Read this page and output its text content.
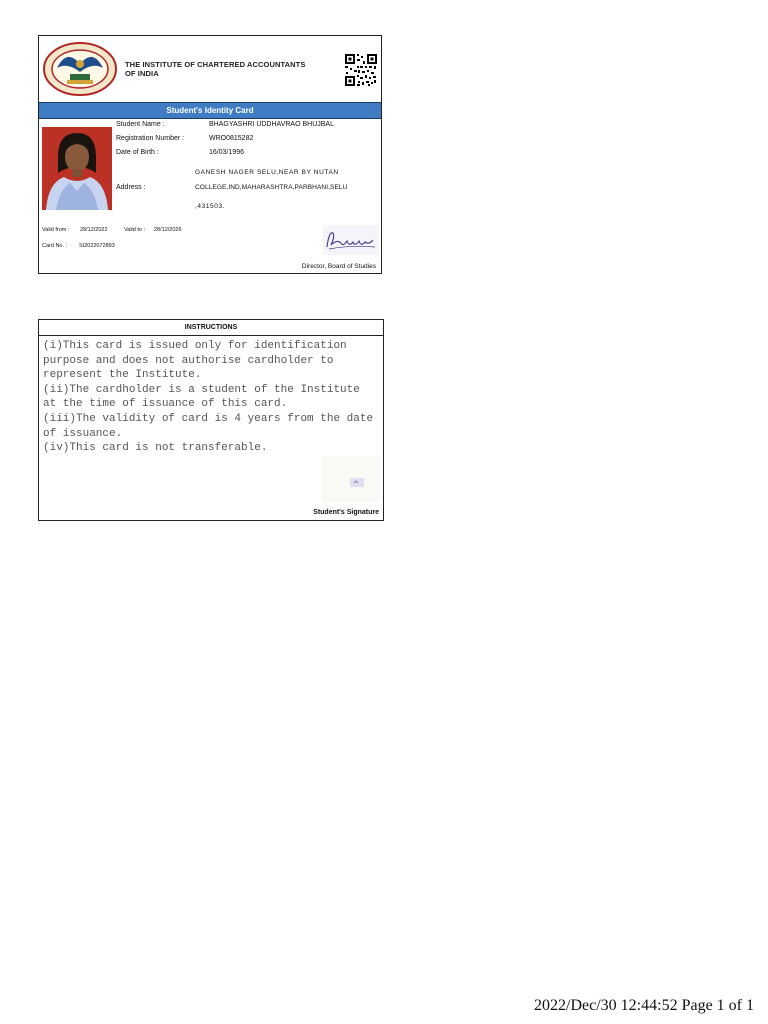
THE INSTITUTE OF CHARTERED ACCOUNTANTS
OF INDIA
Student's Identity Card
Student Name :	BHAGYASHRI UDDHAVRAO BHUJBAL
Registration Number :	WRO0815282
Date of Birth :	16/03/1996
Address :
GANESH NAGER SELU,NEAR BY NUTAN
COLLEGE,IND,MAHARASHTRA,PARBHANI,SELU
,431503.
Valid from : 28/12/2022	Valid to : 28/12/2026
Card No. : SI2022072893
Director, Board of Studies
INSTRUCTIONS

(i)This card is issued only for identification purpose and does not authorise cardholder to represent the Institute.

(ii)The cardholder is a student of the Institute at the time of issuance of this card.

(iii)The validity of card is 4 years from the date of issuance.

(iv)This card is not transferable.

Student's Signature
2022/Dec/30 12:44:52 Page 1 of 1
